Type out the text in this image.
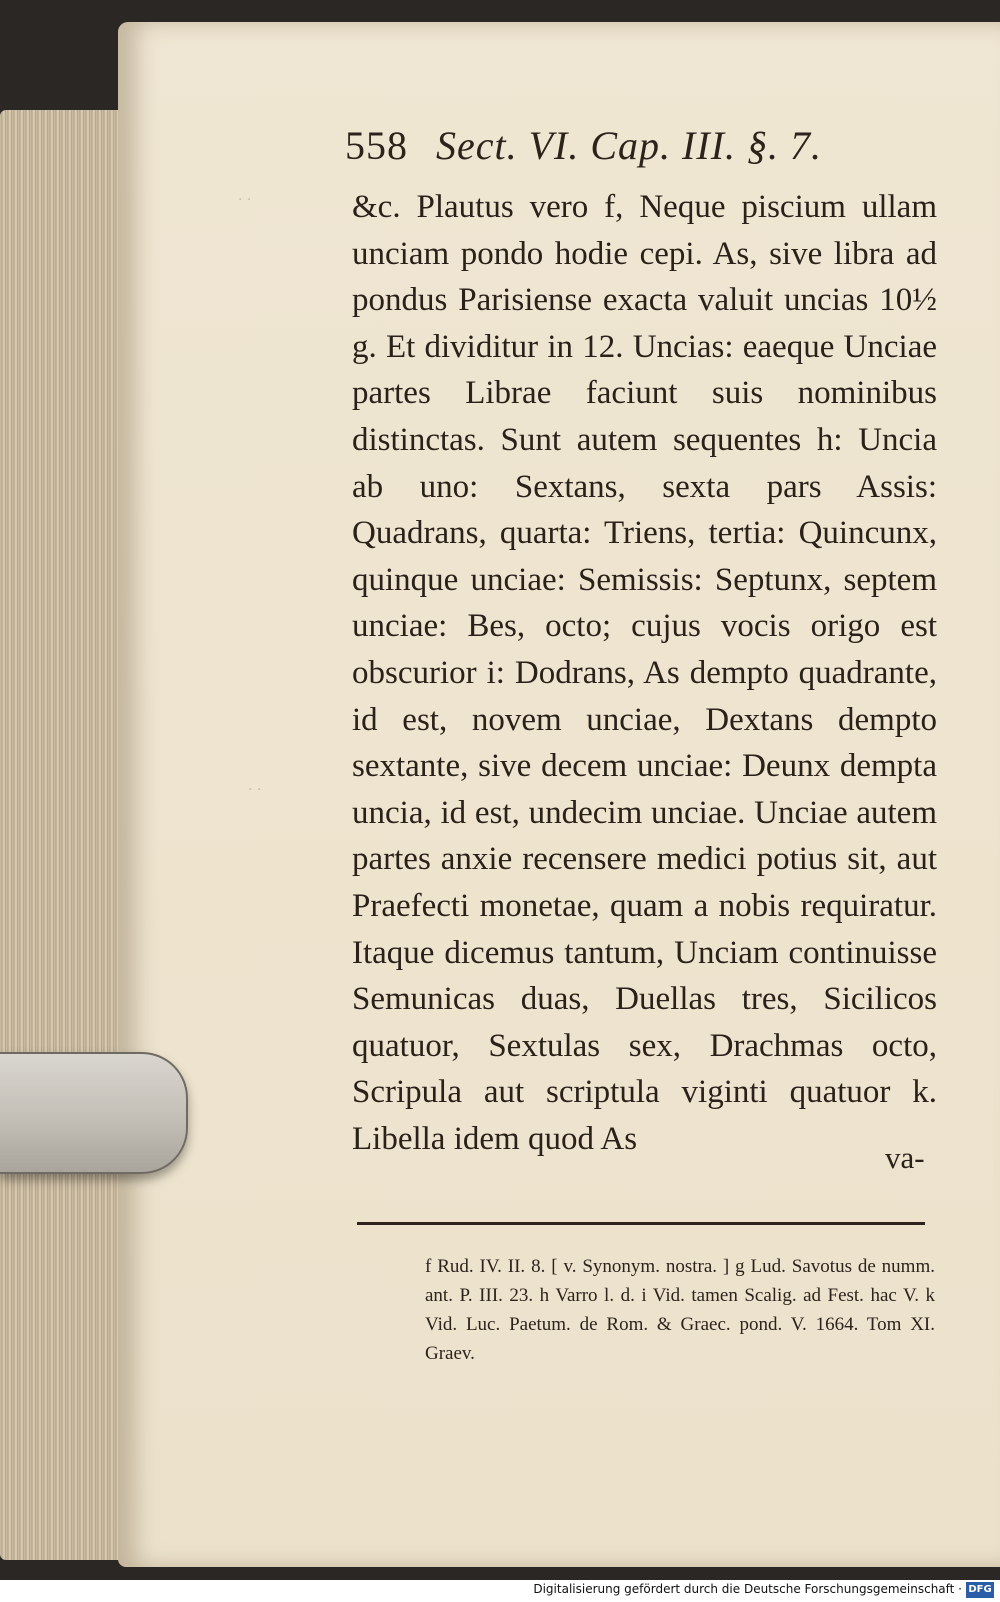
· ·
· ·
558 Sect. VI. Cap. III. §. 7.

&c. Plautus vero f, Neque piscium ullam unciam pondo hodie cepi. As, sive libra ad pondus Parisiense exacta valuit uncias 10½ g. Et dividitur in 12. Uncias: eaeque Unciae partes Librae faciunt suis nominibus distinctas. Sunt autem sequentes h: Uncia ab uno: Sextans, sexta pars Assis: Quadrans, quarta: Triens, tertia: Quincunx, quinque unciae: Semissis: Septunx, septem unciae: Bes, octo; cujus vocis origo est obscurior i: Dodrans, As dempto quadrante, id est, novem unciae, Dextans dempto sextante, sive decem unciae: Deunx dempta uncia, id est, undecim unciae. Unciae autem partes anxie recensere medici potius sit, aut Praefecti monetae, quam a nobis requiratur. Itaque dicemus tantum, Unciam continuisse Semunicas duas, Duellas tres, Sicilicos quatuor, Sextulas sex, Drachmas octo, Scripula aut scriptula viginti quatuor k. Libella idem quod As

va-

f Rud. IV. II. 8. [ v. Synonym. nostra. ] g Lud. Savotus de numm. ant. P. III. 23. h Varro l. d. i Vid. tamen Scalig. ad Fest. hac V. k Vid. Luc. Paetum. de Rom. & Graec. pond. V. 1664. Tom XI. Graev.

Digitalisierung gefördert durch die Deutsche Forschungsgemeinschaft · DFG
